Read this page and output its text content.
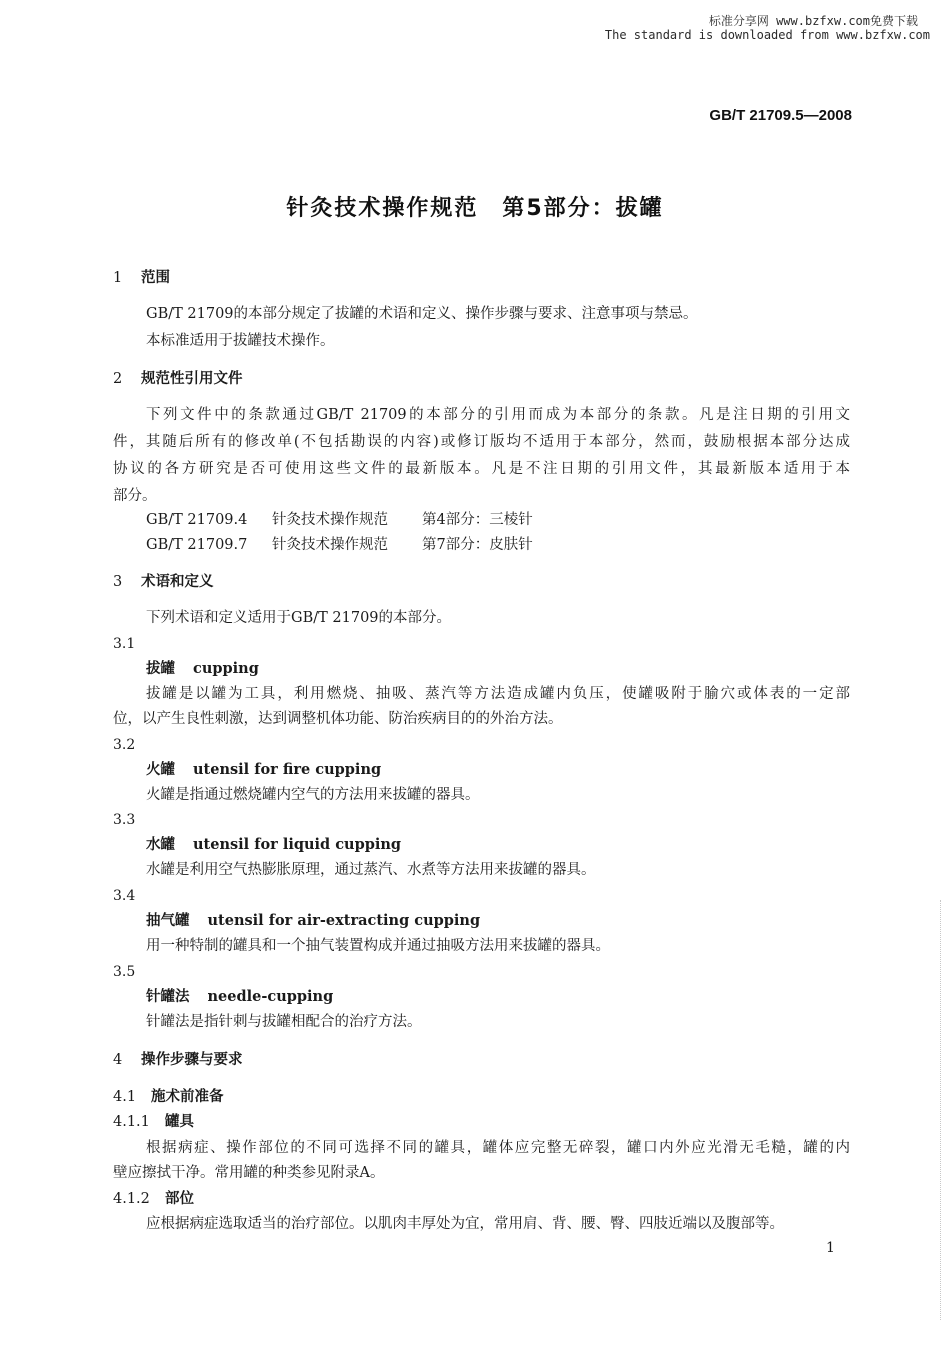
标准分享网 www.bzfxw.com免费下载
The standard is downloaded from www.bzfxw.com
GB/T 21709.5—2008
针灸技术操作规范　第5部分：拔罐
1 范围
GB/T 21709的本部分规定了拔罐的术语和定义、操作步骤与要求、注意事项与禁忌。
本标准适用于拔罐技术操作。
2 规范性引用文件
下列文件中的条款通过GB/T 21709的本部分的引用而成为本部分的条款。凡是注日期的引用文
件，其随后所有的修改单(不包括勘误的内容)或修订版均不适用于本部分，然而，鼓励根据本部分达成
协议的各方研究是否可使用这些文件的最新版本。凡是不注日期的引用文件，其最新版本适用于本
部分。
GB/T 21709.4 针灸技术操作规范 第4部分：三棱针
GB/T 21709.7 针灸技术操作规范 第7部分：皮肤针
3 术语和定义
下列术语和定义适用于GB/T 21709的本部分。
3.1
拔罐 cupping
拔罐是以罐为工具，利用燃烧、抽吸、蒸汽等方法造成罐内负压，使罐吸附于腧穴或体表的一定部
位，以产生良性刺激，达到调整机体功能、防治疾病目的的外治方法。
3.2
火罐 utensil for fire cupping
火罐是指通过燃烧罐内空气的方法用来拔罐的器具。
3.3
水罐 utensil for liquid cupping
水罐是利用空气热膨胀原理，通过蒸汽、水煮等方法用来拔罐的器具。
3.4
抽气罐 utensil for air-extracting cupping
用一种特制的罐具和一个抽气装置构成并通过抽吸方法用来拔罐的器具。
3.5
针罐法 needle-cupping
针罐法是指针刺与拔罐相配合的治疗方法。
4 操作步骤与要求
4.1 施术前准备
4.1.1 罐具
根据病症、操作部位的不同可选择不同的罐具，罐体应完整无碎裂，罐口内外应光滑无毛糙，罐的内
壁应擦拭干净。常用罐的种类参见附录A。
4.1.2 部位
应根据病症选取适当的治疗部位。以肌肉丰厚处为宜，常用肩、背、腰、臀、四肢近端以及腹部等。
1
